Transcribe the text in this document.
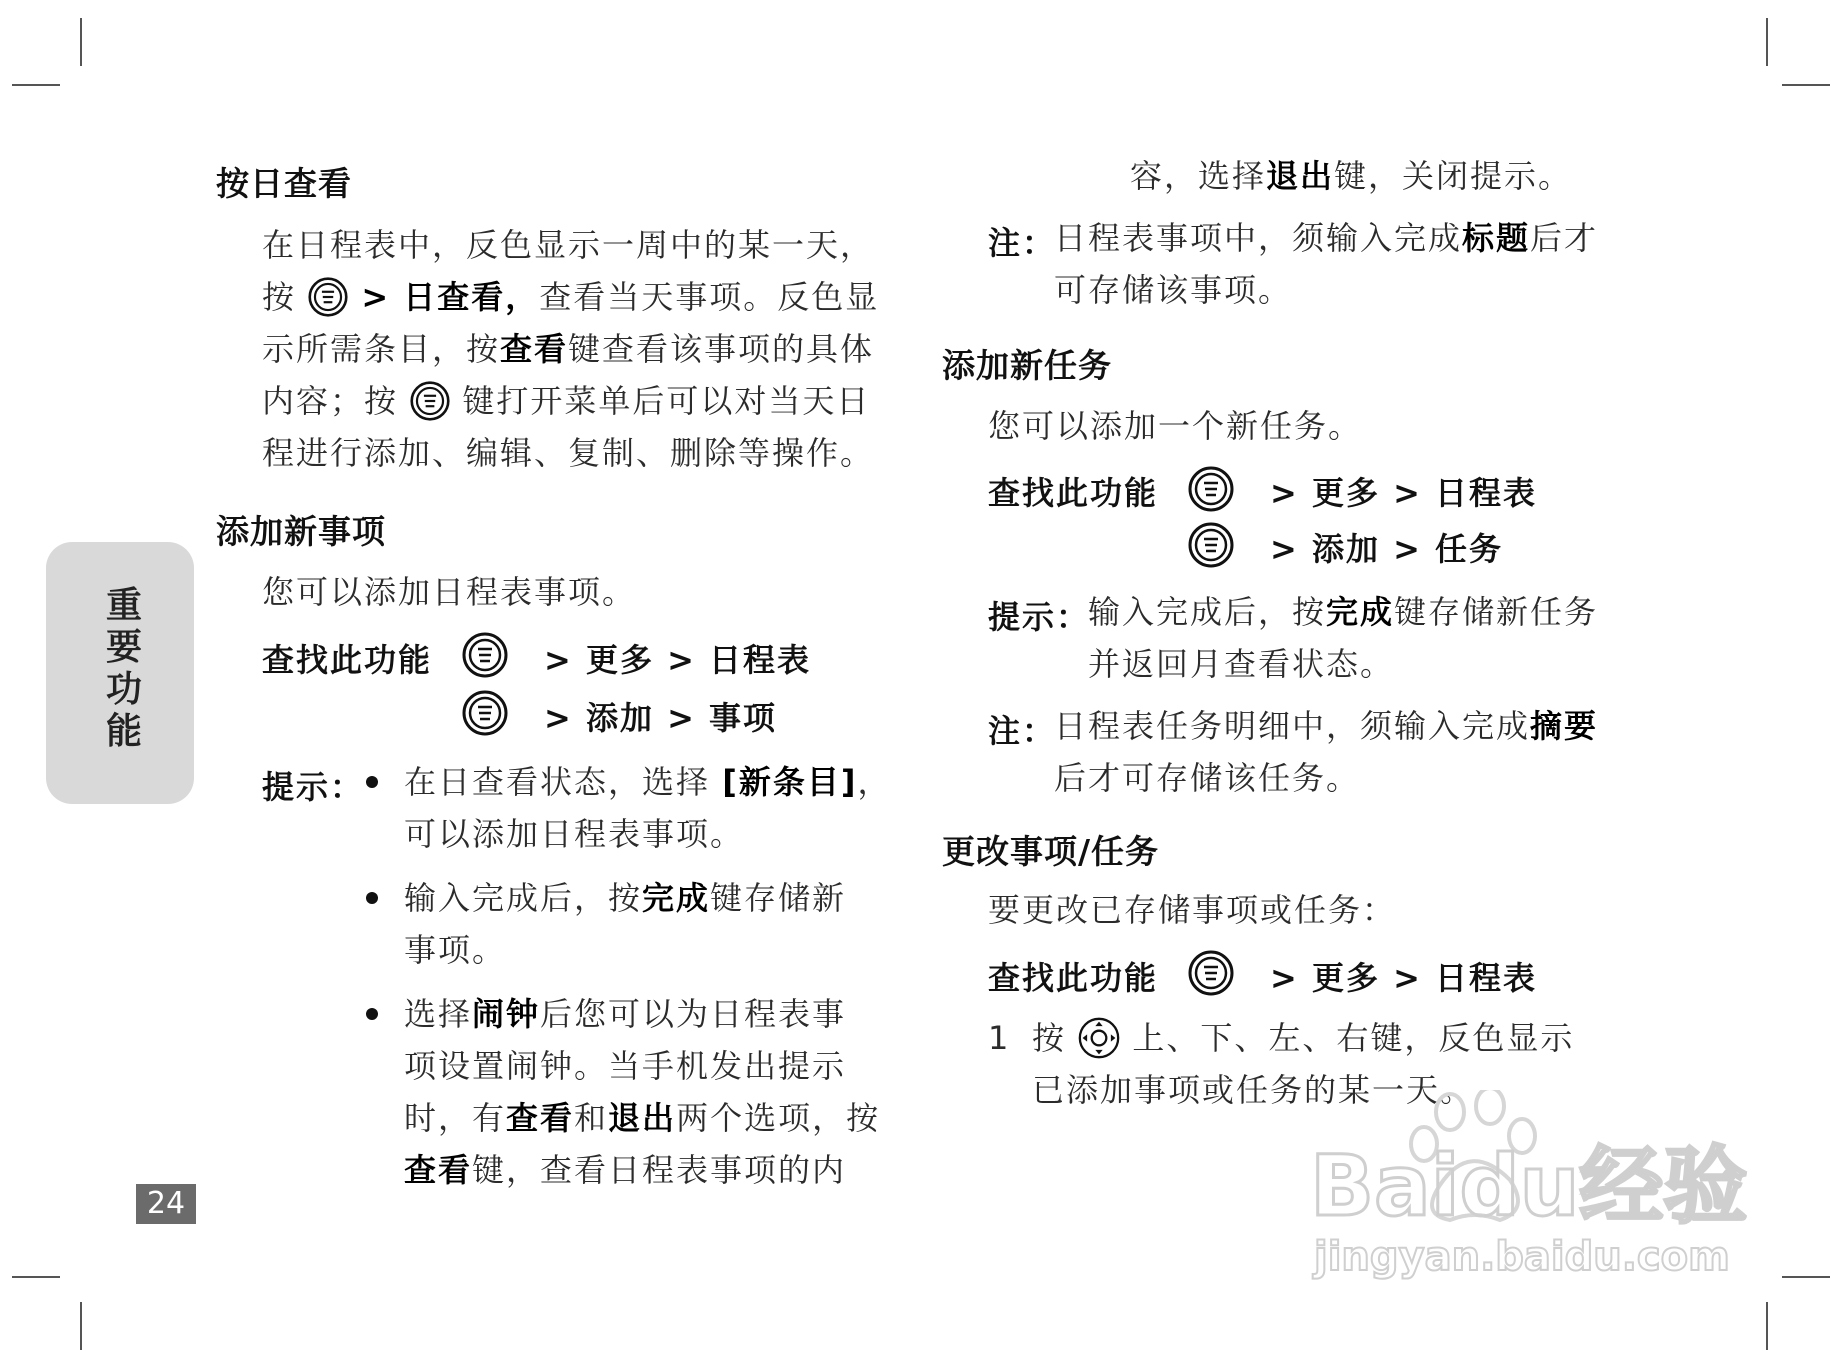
重要功能
24
按日查看
在日程表中，反色显示一周中的某一天，
按  > 日查看，查看当天事项。反色显
示所需条目，按查看键查看该事项的具体
内容；按  键打开菜单后可以对当天日
程进行添加、编辑、复制、删除等操作。
添加新事项
您可以添加日程表事项。
查找此功能	> 更多 > 日程表
> 添加 > 事项
提示： 在日查看状态，选择 [新条目]，
可以添加日程表事项。
输入完成后，按完成键存储新
事项。
选择闹钟后您可以为日程表事
项设置闹钟。当手机发出提示
时，有查看和退出两个选项，按
查看键，查看日程表事项的内
容，选择退出键，关闭提示。
注：
日程表事项中，须输入完成标题后才
可存储该事项。
添加新任务
您可以添加一个新任务。
查找此功能	> 更多 > 日程表
> 添加 > 任务
提示：
输入完成后，按完成键存储新任务
并返回月查看状态。
注：
日程表任务明细中，须输入完成摘要
后才可存储该任务。
更改事项/任务
要更改已存储事项或任务：
查找此功能	> 更多 > 日程表
1 按  上、下、左、右键，反色显示
已添加事项或任务的某一天。
Baidu经验
jingyan.baidu.com
